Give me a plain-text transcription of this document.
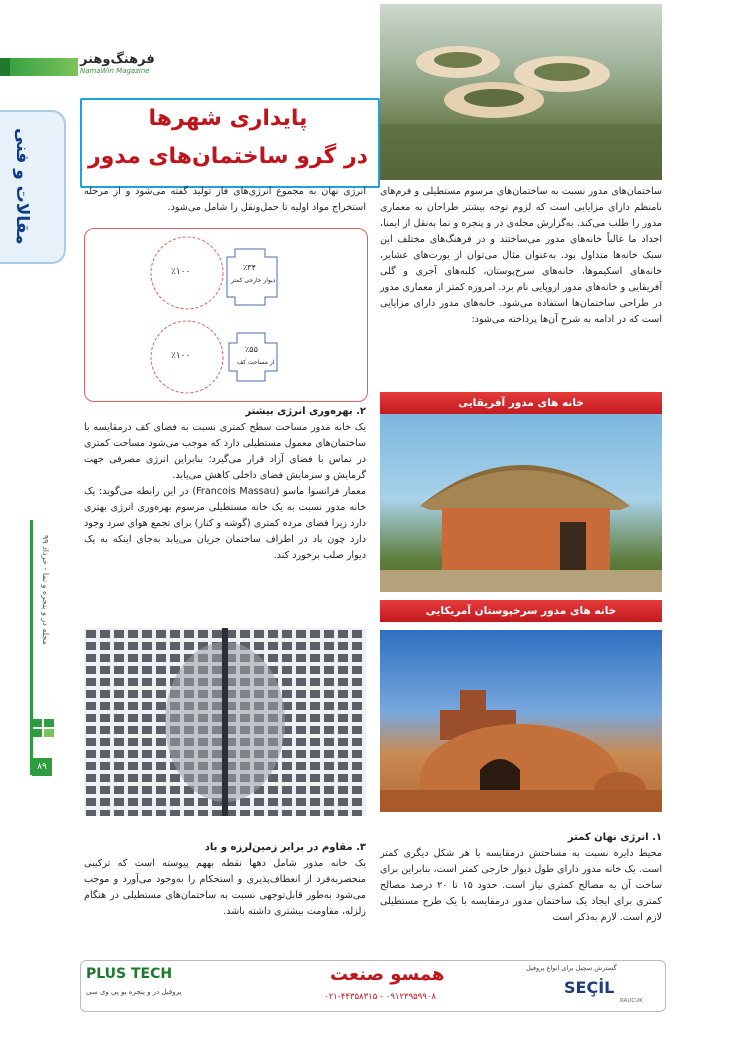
فرهنگ‌وهنر
NamaWin Magazine
مقالات و فنی
مجله در و پنجره و نما - خرداد ۹۹
۸۹
پایداری شهرها
در گرو ساختمان‌های مدور
ساختمان‌های مدور نسبت به ساختمان‌های مرسوم مستطیلی و فرم‌های نامنظم دارای مزایایی است که لزوم توجه بیشتر طراحان به معماری مدور را طلب می‌کند. به‌گزارش مجله‌ی در و پنجره و نما به‌نقل از ایمنا، اجداد ما غالباً خانه‌های مدور می‌ساختند و در فرهنگ‌های مختلف این سبک خانه‌ها متداول بود. به‌عنوان مثال می‌توان از یورت‌های عشایر، خانه‌های اسکیموها، خانه‌های سرخ‌پوستان، کلبه‌های آجری و گلی آفریقایی و خانه‌های مدور اروپایی نام برد. امروزه کمتر از معماری مدور در طراحی ساختمان‌ها استفاده می‌شود. خانه‌های مدور دارای مزایایی است که در ادامه به شرح آن‌ها پرداخته می‌شود:
انرژی نهان به مجموع انرژی‌های فاز تولید گفته می‌شود و از مرحله استخراج مواد اولیه تا حمل‌ونقل را شامل می‌شود.
٪۱۰۰	٪۳۴
دیوار خارجی کمتر
٪۱۰۰
٪۵۵
از مساحت کف
۲. بهره‌وری انرژی بیشتر
یک خانه مدور مساحت سطح کمتری نسبت به فضای کف درمقایسه با ساختمان‌های معمول مستطیلی دارد که موجب می‌شود مساحت کمتری در تماس با فضای آزاد قرار می‌گیرد؛ بنابراین انرژی مصرفی جهت گرمایش و سرمایش فضای داخلی کاهش می‌یابد.
معمار فرانسوا ماسو (Francois Massau) در این رابطه می‌گوید: یک خانه مدور نسبت به یک خانه مستطیلی مرسوم بهره‌وری انرژی بهتری دارد زیرا فضای مرده کمتری (گوشه و کنار) برای تجمع هوای سرد وجود دارد چون باد در اطراف ساختمان جریان می‌یابد به‌جای اینکه به یک دیوار صلب برخورد کند.
خانه های مدور آفریقایی
خانه های مدور سرخپوستان آمریکایی
۱. انرژی نهان کمتر
محیط دایره نسبت به مساحتش درمقایسه با هر شکل دیگری کمتر است. یک خانه مدور دارای طول دیوار خارجی کمتر است، بنابراین برای ساخت آن به مصالح کمتری نیاز است. حدود ۱۵ تا ۲۰ درصد مصالح کمتری برای ایجاد یک ساختمان مدور درمقایسه با یک طرح مستطیلی لازم است. لازم به‌ذکر است
۳. مقاوم در برابر زمین‌لرزه و باد
یک خانه مدور شامل دهها نقطه بههم پیوسته است که ترکیبی منحصربه‌فرد از انعطاف‌پذیری و استحکام را به‌وجود می‌آورد و موجب می‌شود به‌طور قابل‌توجهی نسبت به ساختمان‌های مستطیلی در هنگام زلزله، مقاومت بیشتری داشته باشد.
PLUS TECH
پروفیل در و پنجره یو پی وی سی
همسو صنعت
۰۲۱-۴۴۳۵۸۳۱۵ - ۰۹۱۲۳۹۵۹۹۰۸
گسترش سچیل برای انواع پروفیل
SEÇİL
RAUCUK
